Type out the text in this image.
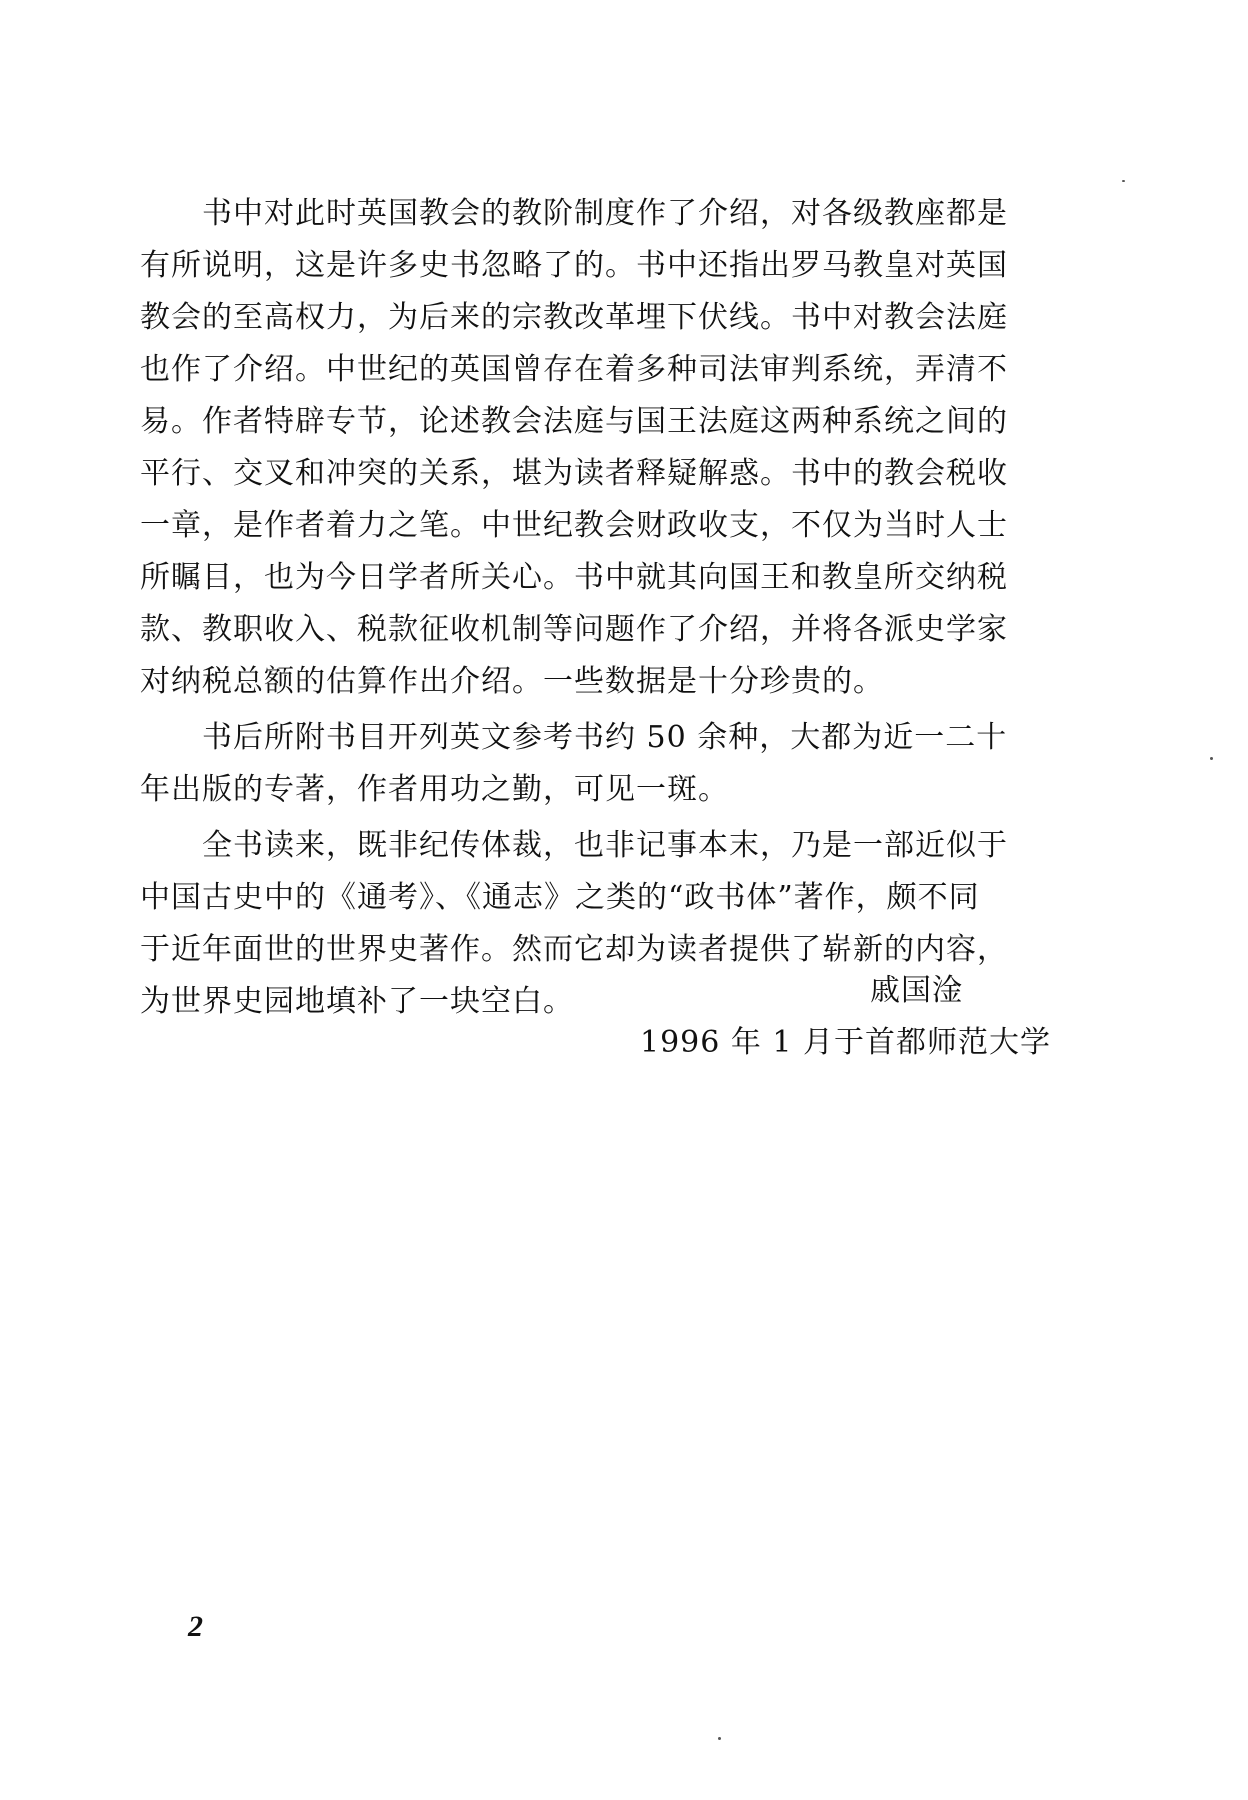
书中对此时英国教会的教阶制度作了介绍，对各级教座都是
有所说明，这是许多史书忽略了的。书中还指出罗马教皇对英国
教会的至高权力，为后来的宗教改革埋下伏线。书中对教会法庭
也作了介绍。中世纪的英国曾存在着多种司法审判系统，弄清不
易。作者特辟专节，论述教会法庭与国王法庭这两种系统之间的
平行、交叉和冲突的关系，堪为读者释疑解惑。书中的教会税收
一章，是作者着力之笔。中世纪教会财政收支，不仅为当时人士
所瞩目，也为今日学者所关心。书中就其向国王和教皇所交纳税
款、教职收入、税款征收机制等问题作了介绍，并将各派史学家
对纳税总额的估算作出介绍。一些数据是十分珍贵的。
书后所附书目开列英文参考书约 50 余种，大都为近一二十
年出版的专著，作者用功之勤，可见一斑。
全书读来，既非纪传体裁，也非记事本末，乃是一部近似于
中国古史中的《通考》、《通志》之类的“政书体”著作，颇不同
于近年面世的世界史著作。然而它却为读者提供了崭新的内容，
为世界史园地填补了一块空白。	戚国淦
1996 年 1 月于首都师范大学
2
